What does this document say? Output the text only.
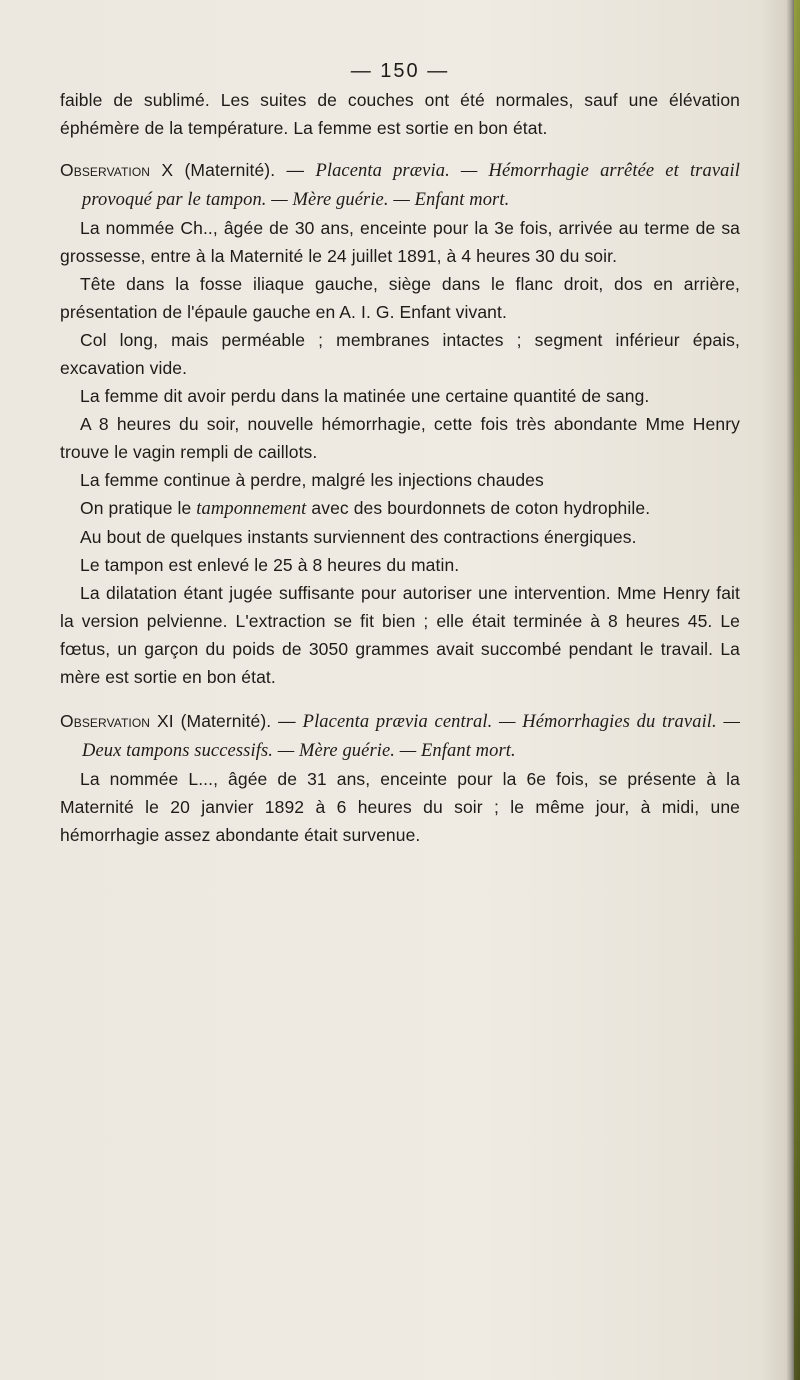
— 150 —

faible de sublimé. Les suites de couches ont été normales, sauf une élévation éphémère de la température. La femme est sortie en bon état.

Observation X (Maternité). — Placenta prævia. — Hémorrhagie arrêtée et travail provoqué par le tampon. — Mère guérie. — Enfant mort.

La nommée Ch.., âgée de 30 ans, enceinte pour la 3e fois, arrivée au terme de sa grossesse, entre à la Maternité le 24 juillet 1891, à 4 heures 30 du soir.

Tête dans la fosse iliaque gauche, siège dans le flanc droit, dos en arrière, présentation de l'épaule gauche en A. I. G. Enfant vivant.

Col long, mais perméable ; membranes intactes ; segment inférieur épais, excavation vide.

La femme dit avoir perdu dans la matinée une certaine quantité de sang.

A 8 heures du soir, nouvelle hémorrhagie, cette fois très abondante Mme Henry trouve le vagin rempli de caillots.

La femme continue à perdre, malgré les injections chaudes

On pratique le tamponnement avec des bourdonnets de coton hydrophile.

Au bout de quelques instants surviennent des contractions énergiques.

Le tampon est enlevé le 25 à 8 heures du matin.

La dilatation étant jugée suffisante pour autoriser une intervention. Mme Henry fait la version pelvienne. L'extraction se fit bien ; elle était terminée à 8 heures 45. Le fœtus, un garçon du poids de 3050 grammes avait succombé pendant le travail. La mère est sortie en bon état.

Observation XI (Maternité). — Placenta prævia central. — Hémorrhagies du travail. — Deux tampons successifs. — Mère guérie. — Enfant mort.

La nommée L..., âgée de 31 ans, enceinte pour la 6e fois, se présente à la Maternité le 20 janvier 1892 à 6 heures du soir ; le même jour, à midi, une hémorrhagie assez abondante était survenue.
